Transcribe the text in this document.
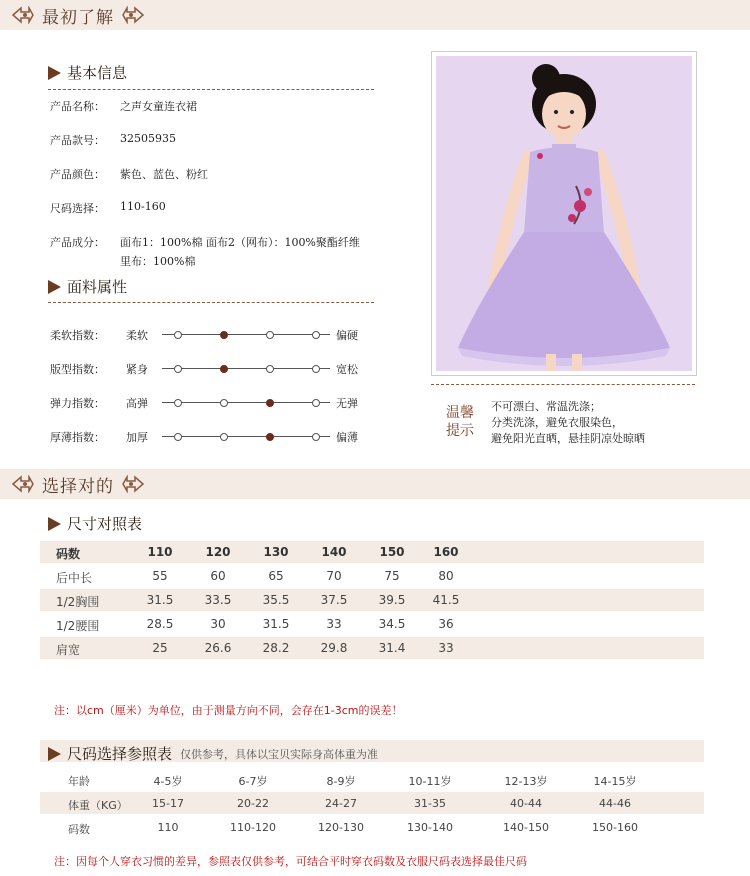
最初了解
基本信息
产品名称：	之声女童连衣裙
产品款号：	32505935
产品颜色：	紫色、蓝色、粉红
尺码选择：	110-160
产品成分：	面布1：100%棉 面布2（网布）：100%聚酯纤维
里布：100%棉
面料属性
柔软指数：	柔软	偏硬
版型指数：	紧身	宽松
弹力指数：	高弹	无弹
厚薄指数：	加厚	偏薄
温馨提示
不可漂白、常温洗涤；
分类洗涤，避免衣服染色，
避免阳光直晒，悬挂阴凉处晾晒
选择对的
尺寸对照表
码数	110	120	130	140	150	160
后中长	55	60	65	70	75	80
1/2胸围	31.5	33.5	35.5	37.5	39.5	41.5
1/2腰围	28.5	30	31.5	33	34.5	36
肩宽	25	26.6	28.2	29.8	31.4	33
注：以cm（厘米）为单位，由于测量方向不同，会存在1-3cm的误差！
尺码选择参照表 仅供参考，具体以宝贝实际身高体重为准
年龄	4-5岁	6-7岁	8-9岁	10-11岁	12-13岁	14-15岁
体重（KG）	15-17	20-22	24-27	31-35	40-44	44-46
码数	110	110-120	120-130	130-140	140-150	150-160
注：因每个人穿衣习惯的差异，参照表仅供参考，可结合平时穿衣码数及衣服尺码表选择最佳尺码
